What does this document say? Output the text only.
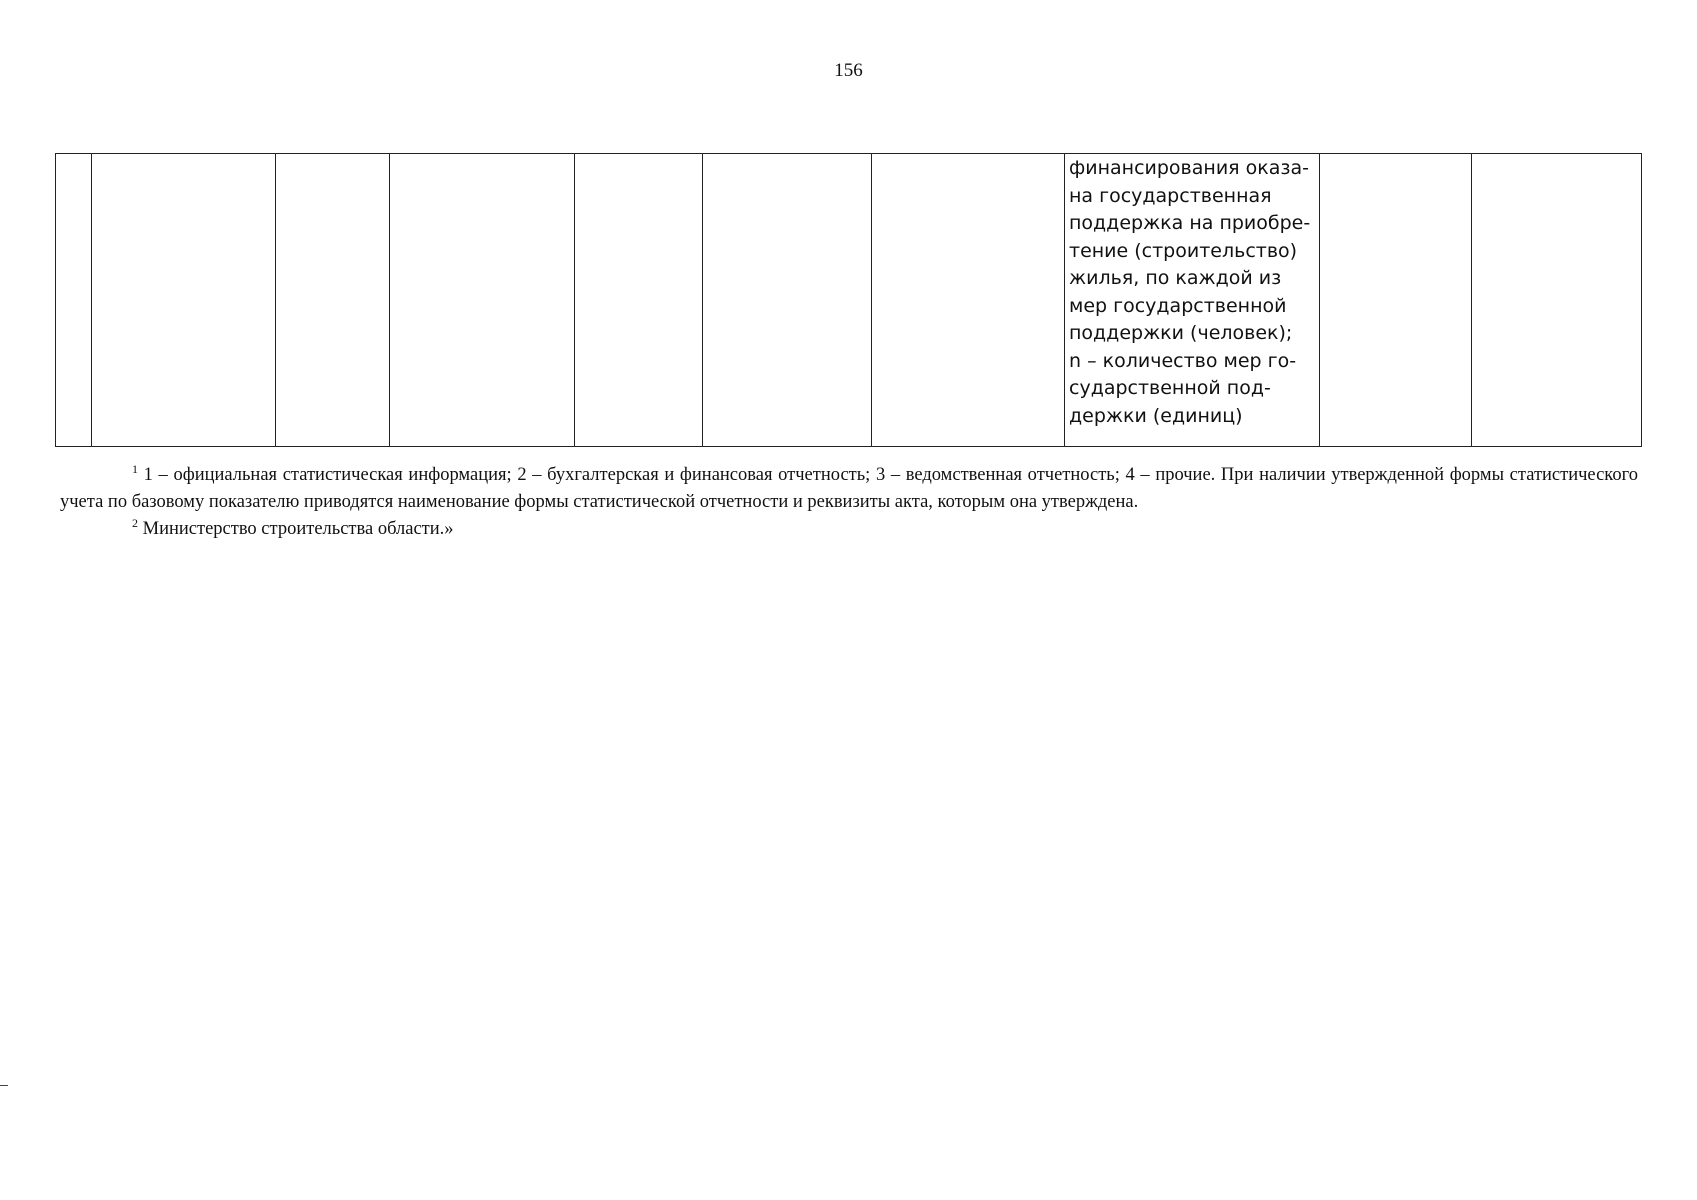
156
							финансирования оказа-
на государственная
поддержка на приобре-
тение (строительство)
жилья, по каждой из
мер государственной
поддержки (человек);
n – количество мер го-
сударственной под-
держки (единиц)		

$^1$ 1 – официальная статистическая информация; 2 – бухгалтерская и финансовая отчетность; 3 – ведомственная отчетность; 4 – прочие. При наличии утвержденной формы статистического учета по базовому показателю приводятся наименование формы статистической отчетности и реквизиты акта, которым она утверждена.

$^2$ Министерство строительства области.»
